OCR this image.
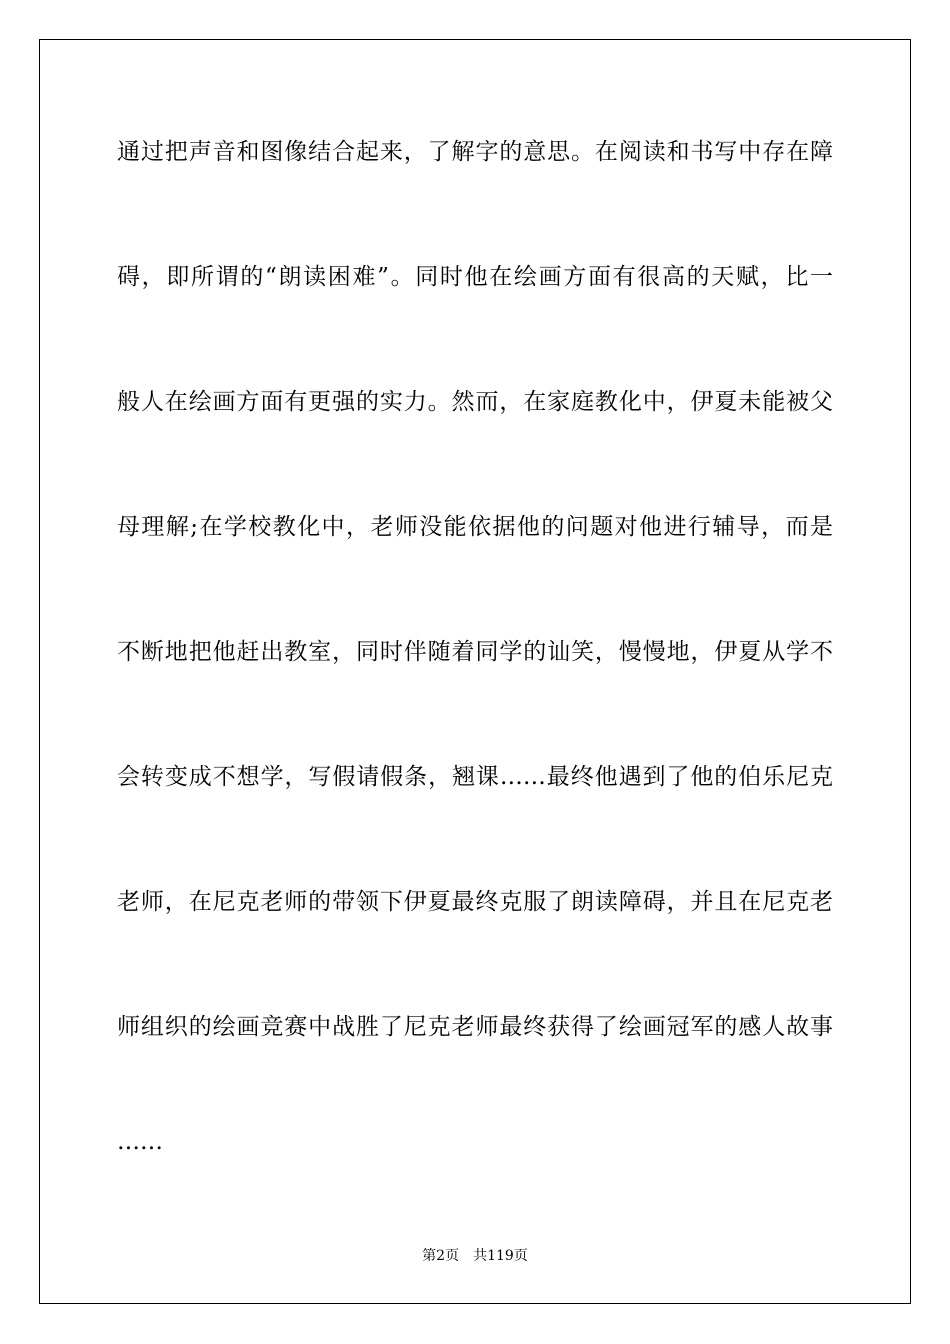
通过把声音和图像结合起来，了解字的意思。在阅读和书写中存在障
碍，即所谓的“朗读困难”。同时他在绘画方面有很高的天赋，比一
般人在绘画方面有更强的实力。然而，在家庭教化中，伊夏未能被父
母理解;在学校教化中，老师没能依据他的问题对他进行辅导，而是
不断地把他赶出教室，同时伴随着同学的讪笑，慢慢地，伊夏从学不
会转变成不想学，写假请假条，翘课……最终他遇到了他的伯乐尼克
老师，在尼克老师的带领下伊夏最终克服了朗读障碍，并且在尼克老
师组织的绘画竞赛中战胜了尼克老师最终获得了绘画冠军的感人故事
……
第2页 共119页
